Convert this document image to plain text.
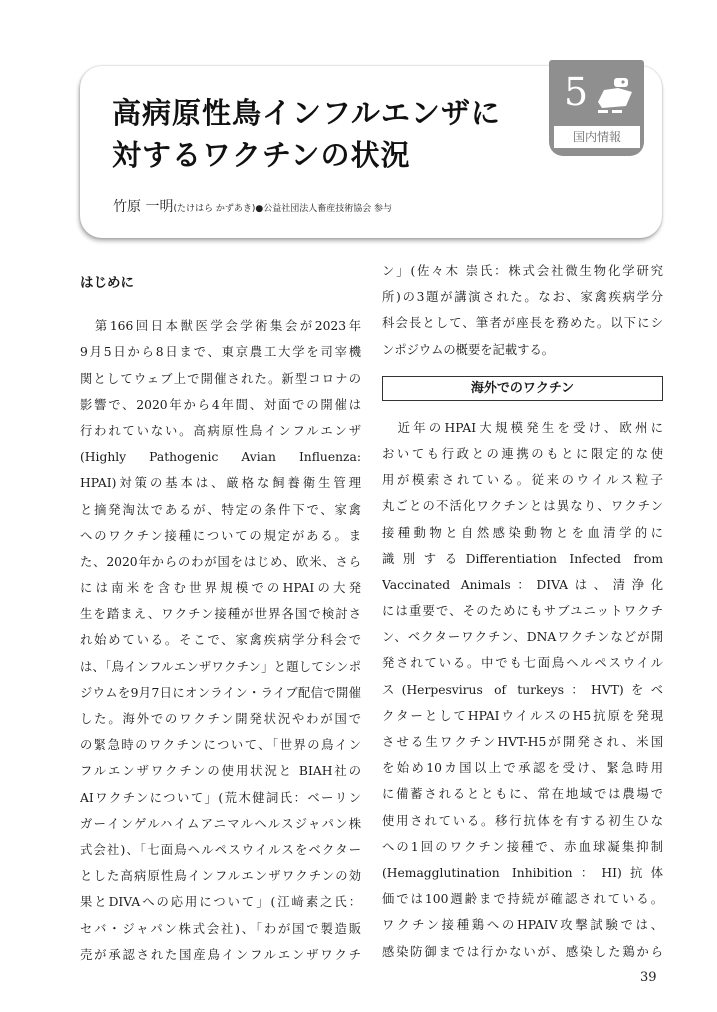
高病原性鳥インフルエンザに
対するワクチンの状況
竹原 一明(たけはら かずあき)●公益社団法人畜産技術協会 参与
5
国内情報
はじめに
　第166回日本獣医学会学術集会が2023年
9月5日から8日まで、東京農工大学を司宰機
関としてウェブ上で開催された。新型コロナの
影響で、2020年から4年間、対面での開催は
行われていない。高病原性鳥インフルエンザ
(Highly Pathogenic Avian Influenza:
HPAI)対策の基本は、厳格な飼養衛生管理
と摘発淘汰であるが、特定の条件下で、家禽
へのワクチン接種についての規定がある。ま
た、2020年からのわが国をはじめ、欧米、さら
には南米を含む世界規模でのHPAIの大発
生を踏まえ、ワクチン接種が世界各国で検討さ
れ始めている。そこで、家禽疾病学分科会で
は、「鳥インフルエンザワクチン」と題してシンポ
ジウムを9月7日にオンライン・ライブ配信で開催
した。海外でのワクチン開発状況やわが国で
の緊急時のワクチンについて、「世界の鳥イン
フルエンザワクチンの使用状況と BIAH社の
AIワクチンについて」(荒木健詞氏：ベーリン
ガーインゲルハイムアニマルヘルスジャパン株
式会社)、「七面鳥ヘルペスウイルスをベクター
とした高病原性鳥インフルエンザワクチンの効
果とDIVAへの応用について」(江﨑素之氏：
セバ・ジャパン株式会社)、「わが国で製造販
売が承認された国産鳥インフルエンザワクチ
ン」(佐々木 崇氏：株式会社微生物化学研究
所)の3題が講演された。なお、家禽疾病学分
科会長として、筆者が座長を務めた。以下にシ
ンポジウムの概要を記載する。
海外でのワクチン
　近年のHPAI大規模発生を受け、欧州に
おいても行政との連携のもとに限定的な使
用が模索されている。従来のウイルス粒子
丸ごとの不活化ワクチンとは異なり、ワクチン
接種動物と自然感染動物とを血清学的に
識別するDifferentiation Infected from
Vaccinated Animals：DIVAは、清浄化
には重要で、そのためにもサブユニットワクチ
ン、ベクターワクチン、DNAワクチンなどが開
発されている。中でも七面鳥ヘルペスウイル
ス(Herpesvirus of turkeys：HVT)をベ
クターとしてHPAIウイルスのH5抗原を発現
させる生ワクチンHVT-H5が開発され、米国
を始め10カ国以上で承認を受け、緊急時用
に備蓄されるとともに、常在地域では農場で
使用されている。移行抗体を有する初生ひな
への1回のワクチン接種で、赤血球凝集抑制
(Hemagglutination Inhibition：HI)抗体
価では100週齢まで持続が確認されている。
ワクチン接種鶏へのHPAIV攻撃試験では、
感染防御までは行かないが、感染した鶏から
39
